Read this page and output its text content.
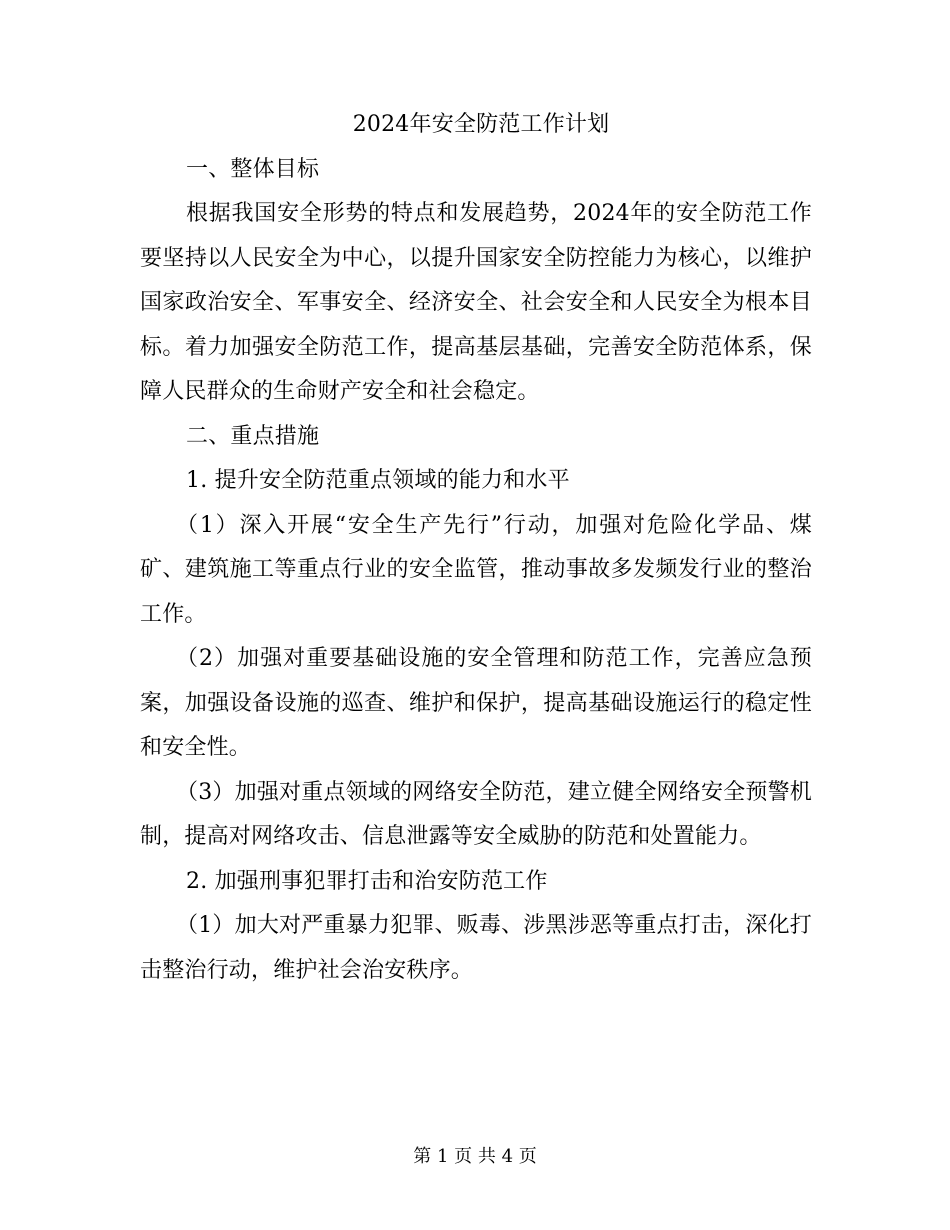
2024年安全防范工作计划

一、整体目标

根据我国安全形势的特点和发展趋势，2024年的安全防范工作要坚持以人民安全为中心，以提升国家安全防控能力为核心，以维护国家政治安全、军事安全、经济安全、社会安全和人民安全为根本目标。着力加强安全防范工作，提高基层基础，完善安全防范体系，保障人民群众的生命财产安全和社会稳定。

二、重点措施

1. 提升安全防范重点领域的能力和水平

（1）深入开展“安全生产先行”行动，加强对危险化学品、煤矿、建筑施工等重点行业的安全监管，推动事故多发频发行业的整治工作。

（2）加强对重要基础设施的安全管理和防范工作，完善应急预案，加强设备设施的巡查、维护和保护，提高基础设施运行的稳定性和安全性。

（3）加强对重点领域的网络安全防范，建立健全网络安全预警机制，提高对网络攻击、信息泄露等安全威胁的防范和处置能力。

2. 加强刑事犯罪打击和治安防范工作

（1）加大对严重暴力犯罪、贩毒、涉黑涉恶等重点打击，深化打击整治行动，维护社会治安秩序。

第 1 页 共 4 页
